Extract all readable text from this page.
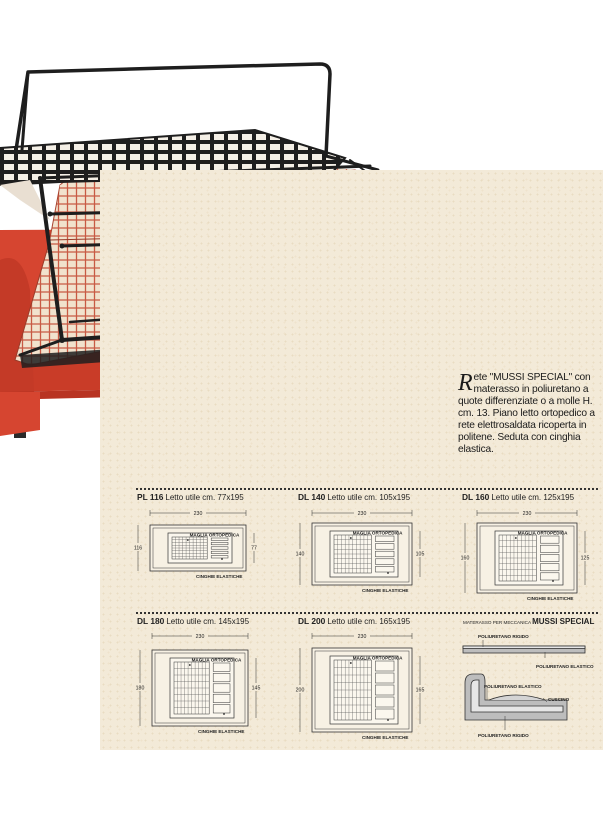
Rete "MUSSI SPECIAL" con materasso in poliuretano a quote differenziate o a molle H. cm. 13. Piano letto ortopedico a rete elettrosaldata ricoperta in politene. Seduta con cinghia elastica.
PL 116 Letto utile cm. 77x195	DL 140 Letto utile cm. 105x195	DL 160 Letto utile cm. 125x195
DL 180 Letto utile cm. 145x195	DL 200 Letto utile cm. 165x195
230
116	77
MAGLIA ORTOPEDICA
CINGHIE ELASTICHE
230
140	105
MAGLIA ORTOPEDICA
CINGHIE ELASTICHE
230
160	125
MAGLIA ORTOPEDICA
CINGHIE ELASTICHE
230
180	145
MAGLIA ORTOPEDICA
CINGHIE ELASTICHE
230
200	165
MAGLIA ORTOPEDICA
CINGHIE ELASTICHE
MATERASSO PER MECCANICA MUSSI SPECIAL
POLIURETANO RIGIDO
POLIURETANO ELASTICO
POLIURETANO ELASTICO
CUSCINO
POLIURETANO RIGIDO
